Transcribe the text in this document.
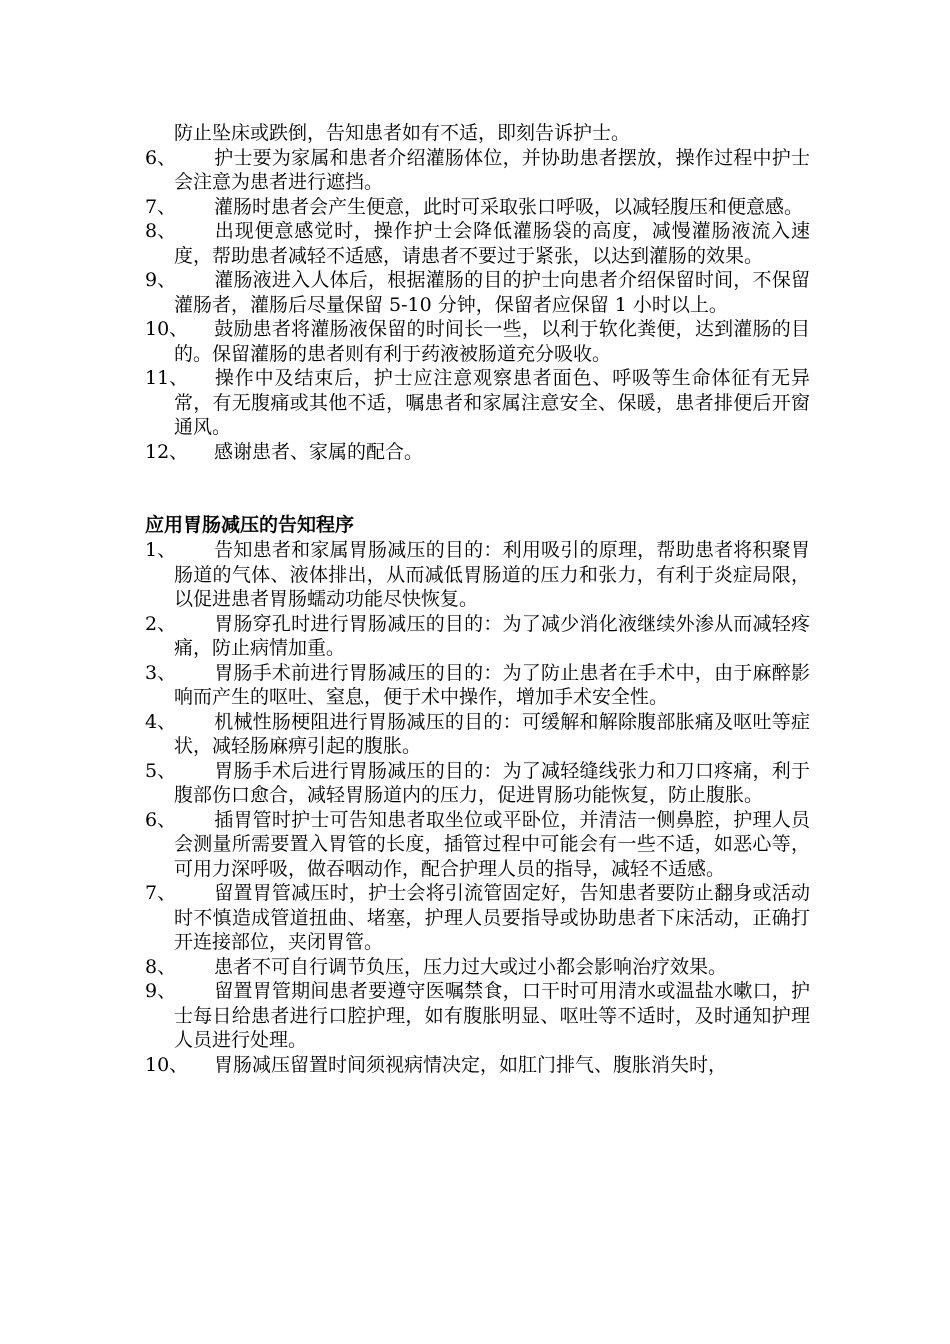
防止坠床或跌倒，告知患者如有不适，即刻告诉护士。
6、	护士要为家属和患者介绍灌肠体位，并协助患者摆放，操作过程中护士会注意为患者进行遮挡。
7、	灌肠时患者会产生便意，此时可采取张口呼吸，以减轻腹压和便意感。
8、	出现便意感觉时，操作护士会降低灌肠袋的高度，减慢灌肠液流入速度，帮助患者减轻不适感，请患者不要过于紧张，以达到灌肠的效果。
9、	灌肠液进入人体后，根据灌肠的目的护士向患者介绍保留时间，不保留灌肠者，灌肠后尽量保留 5-10 分钟，保留者应保留 1 小时以上。
10、	鼓励患者将灌肠液保留的时间长一些，以利于软化粪便，达到灌肠的目的。保留灌肠的患者则有利于药液被肠道充分吸收。
11、	操作中及结束后，护士应注意观察患者面色、呼吸等生命体征有无异常，有无腹痛或其他不适，嘱患者和家属注意安全、保暖，患者排便后开窗通风。
12、	感谢患者、家属的配合。
应用胃肠减压的告知程序
1、	告知患者和家属胃肠减压的目的：利用吸引的原理，帮助患者将积聚胃肠道的气体、液体排出，从而减低胃肠道的压力和张力，有利于炎症局限，以促进患者胃肠蠕动功能尽快恢复。
2、	胃肠穿孔时进行胃肠减压的目的：为了减少消化液继续外渗从而减轻疼痛，防止病情加重。
3、	胃肠手术前进行胃肠减压的目的：为了防止患者在手术中，由于麻醉影响而产生的呕吐、窒息，便于术中操作，增加手术安全性。
4、	机械性肠梗阻进行胃肠减压的目的：可缓解和解除腹部胀痛及呕吐等症状，减轻肠麻痹引起的腹胀。
5、	胃肠手术后进行胃肠减压的目的：为了减轻缝线张力和刀口疼痛，利于腹部伤口愈合，减轻胃肠道内的压力，促进胃肠功能恢复，防止腹胀。
6、	插胃管时护士可告知患者取坐位或平卧位，并清洁一侧鼻腔，护理人员会测量所需要置入胃管的长度，插管过程中可能会有一些不适，如恶心等，可用力深呼吸，做吞咽动作，配合护理人员的指导，减轻不适感。
7、	留置胃管减压时，护士会将引流管固定好，告知患者要防止翻身或活动时不慎造成管道扭曲、堵塞，护理人员要指导或协助患者下床活动，正确打开连接部位，夹闭胃管。
8、	患者不可自行调节负压，压力过大或过小都会影响治疗效果。
9、	留置胃管期间患者要遵守医嘱禁食，口干时可用清水或温盐水嗽口，护士每日给患者进行口腔护理，如有腹胀明显、呕吐等不适时，及时通知护理人员进行处理。
10、	胃肠减压留置时间须视病情决定，如肛门排气、腹胀消失时，
